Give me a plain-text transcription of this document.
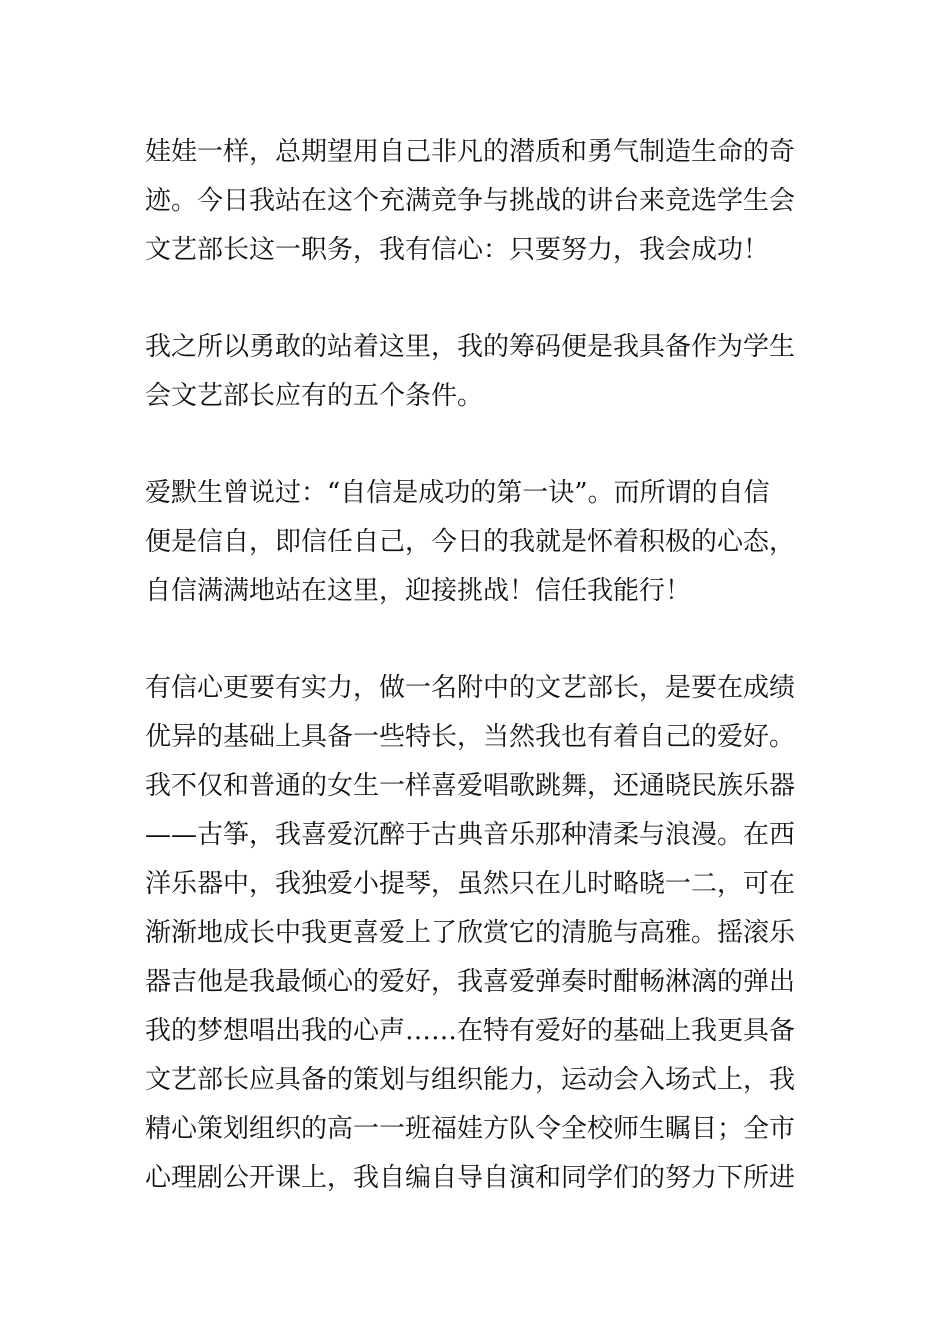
娃娃一样，总期望用自己非凡的潜质和勇气制造生命的奇
迹。今日我站在这个充满竞争与挑战的讲台来竞选学生会
文艺部长这一职务，我有信心：只要努力，我会成功！
我之所以勇敢的站着这里，我的筹码便是我具备作为学生
会文艺部长应有的五个条件。
爱默生曾说过：“自信是成功的第一诀”。而所谓的自信
便是信自，即信任自己，今日的我就是怀着积极的心态，
自信满满地站在这里，迎接挑战！信任我能行！
有信心更要有实力，做一名附中的文艺部长，是要在成绩
优异的基础上具备一些特长，当然我也有着自己的爱好。
我不仅和普通的女生一样喜爱唱歌跳舞，还通晓民族乐器
——古筝，我喜爱沉醉于古典音乐那种清柔与浪漫。在西
洋乐器中，我独爱小提琴，虽然只在儿时略晓一二，可在
渐渐地成长中我更喜爱上了欣赏它的清脆与高雅。摇滚乐
器吉他是我最倾心的爱好，我喜爱弹奏时酣畅淋漓的弹出
我的梦想唱出我的心声……在特有爱好的基础上我更具备
文艺部长应具备的策划与组织能力，运动会入场式上，我
精心策划组织的高一一班福娃方队令全校师生瞩目；全市
心理剧公开课上，我自编自导自演和同学们的努力下所进
